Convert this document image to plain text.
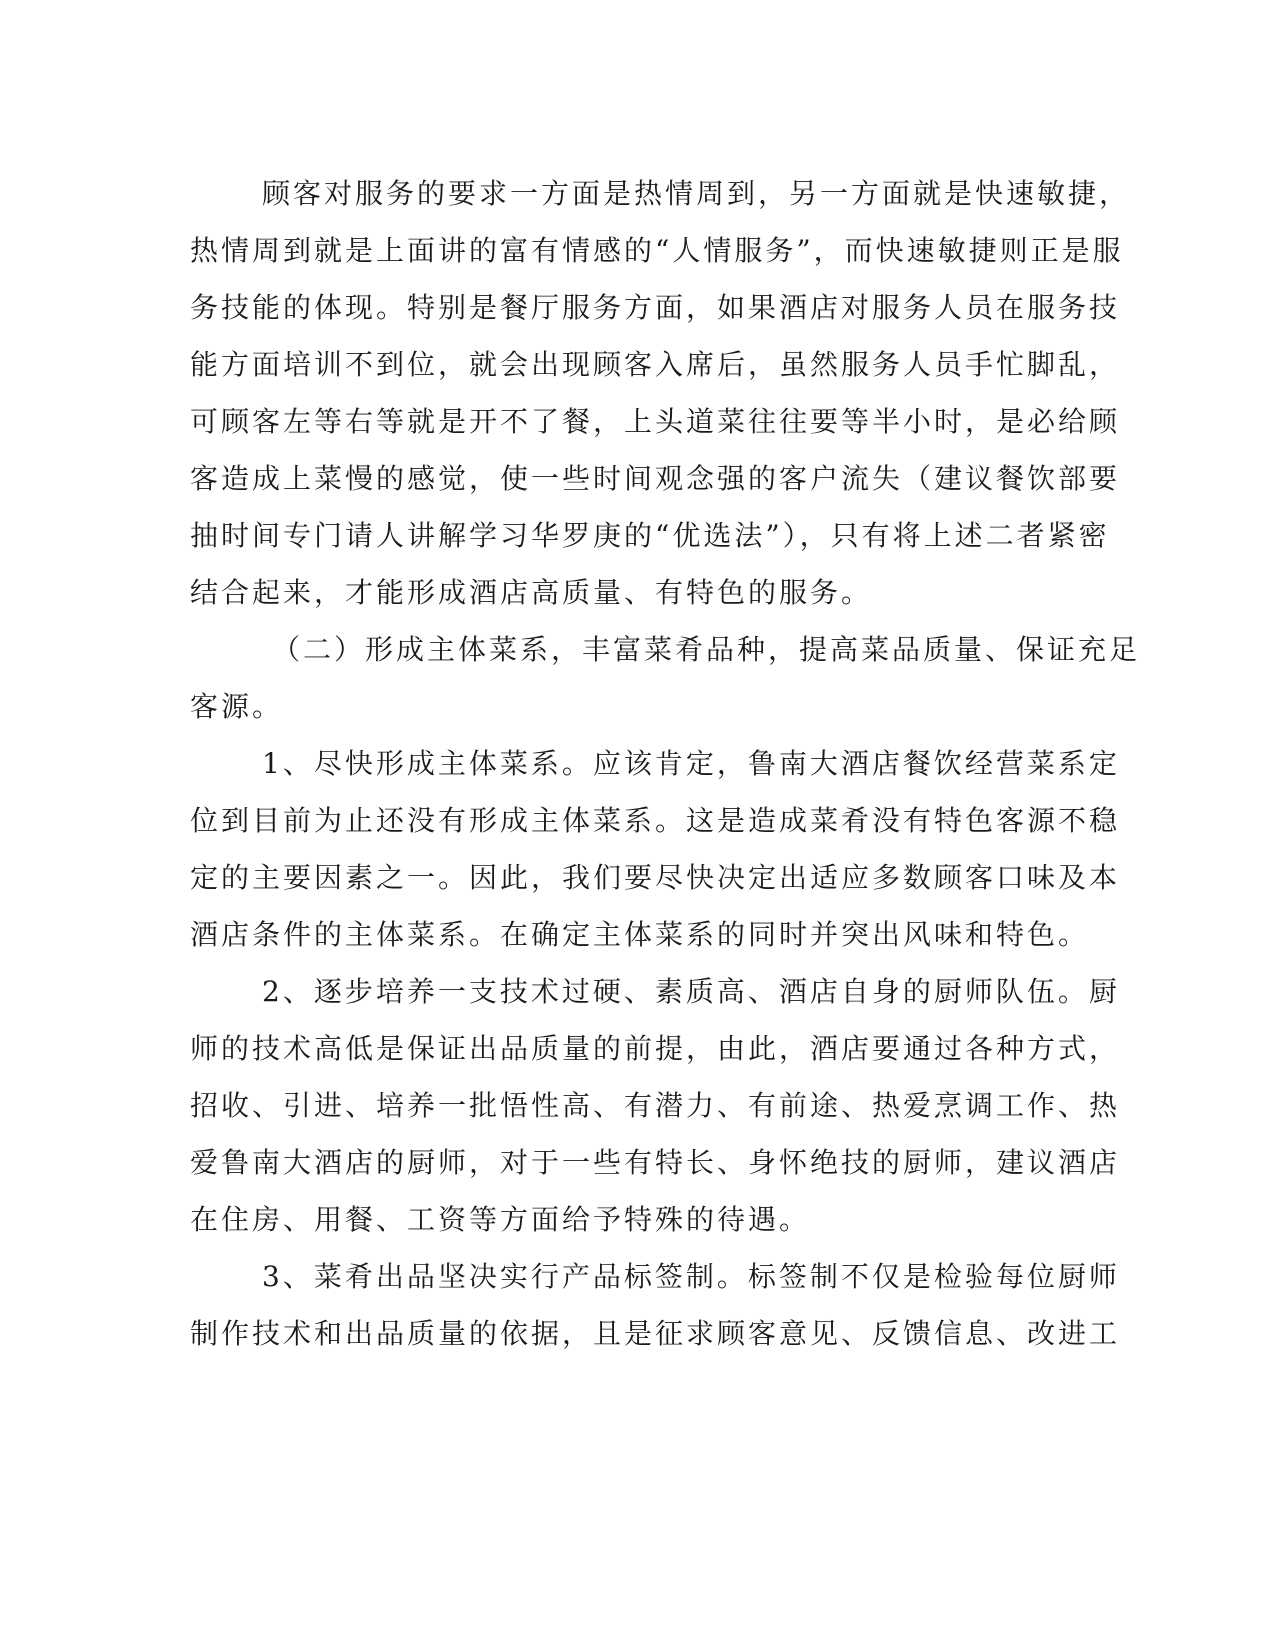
顾客对服务的要求一方面是热情周到，另一方面就是快速敏捷，
热情周到就是上面讲的富有情感的“人情服务”，而快速敏捷则正是服
务技能的体现。特别是餐厅服务方面，如果酒店对服务人员在服务技
能方面培训不到位，就会出现顾客入席后，虽然服务人员手忙脚乱，
可顾客左等右等就是开不了餐，上头道菜往往要等半小时，是必给顾
客造成上菜慢的感觉，使一些时间观念强的客户流失（建议餐饮部要
抽时间专门请人讲解学习华罗庚的“优选法”），只有将上述二者紧密
结合起来，才能形成酒店高质量、有特色的服务。
（二）形成主体菜系，丰富菜肴品种，提高菜品质量、保证充足
客源。
1、尽快形成主体菜系。应该肯定，鲁南大酒店餐饮经营菜系定
位到目前为止还没有形成主体菜系。这是造成菜肴没有特色客源不稳
定的主要因素之一。因此，我们要尽快决定出适应多数顾客口味及本
酒店条件的主体菜系。在确定主体菜系的同时并突出风味和特色。
2、逐步培养一支技术过硬、素质高、酒店自身的厨师队伍。厨
师的技术高低是保证出品质量的前提，由此，酒店要通过各种方式，
招收、引进、培养一批悟性高、有潜力、有前途、热爱烹调工作、热
爱鲁南大酒店的厨师，对于一些有特长、身怀绝技的厨师，建议酒店
在住房、用餐、工资等方面给予特殊的待遇。
3、菜肴出品坚决实行产品标签制。标签制不仅是检验每位厨师
制作技术和出品质量的依据，且是征求顾客意见、反馈信息、改进工
